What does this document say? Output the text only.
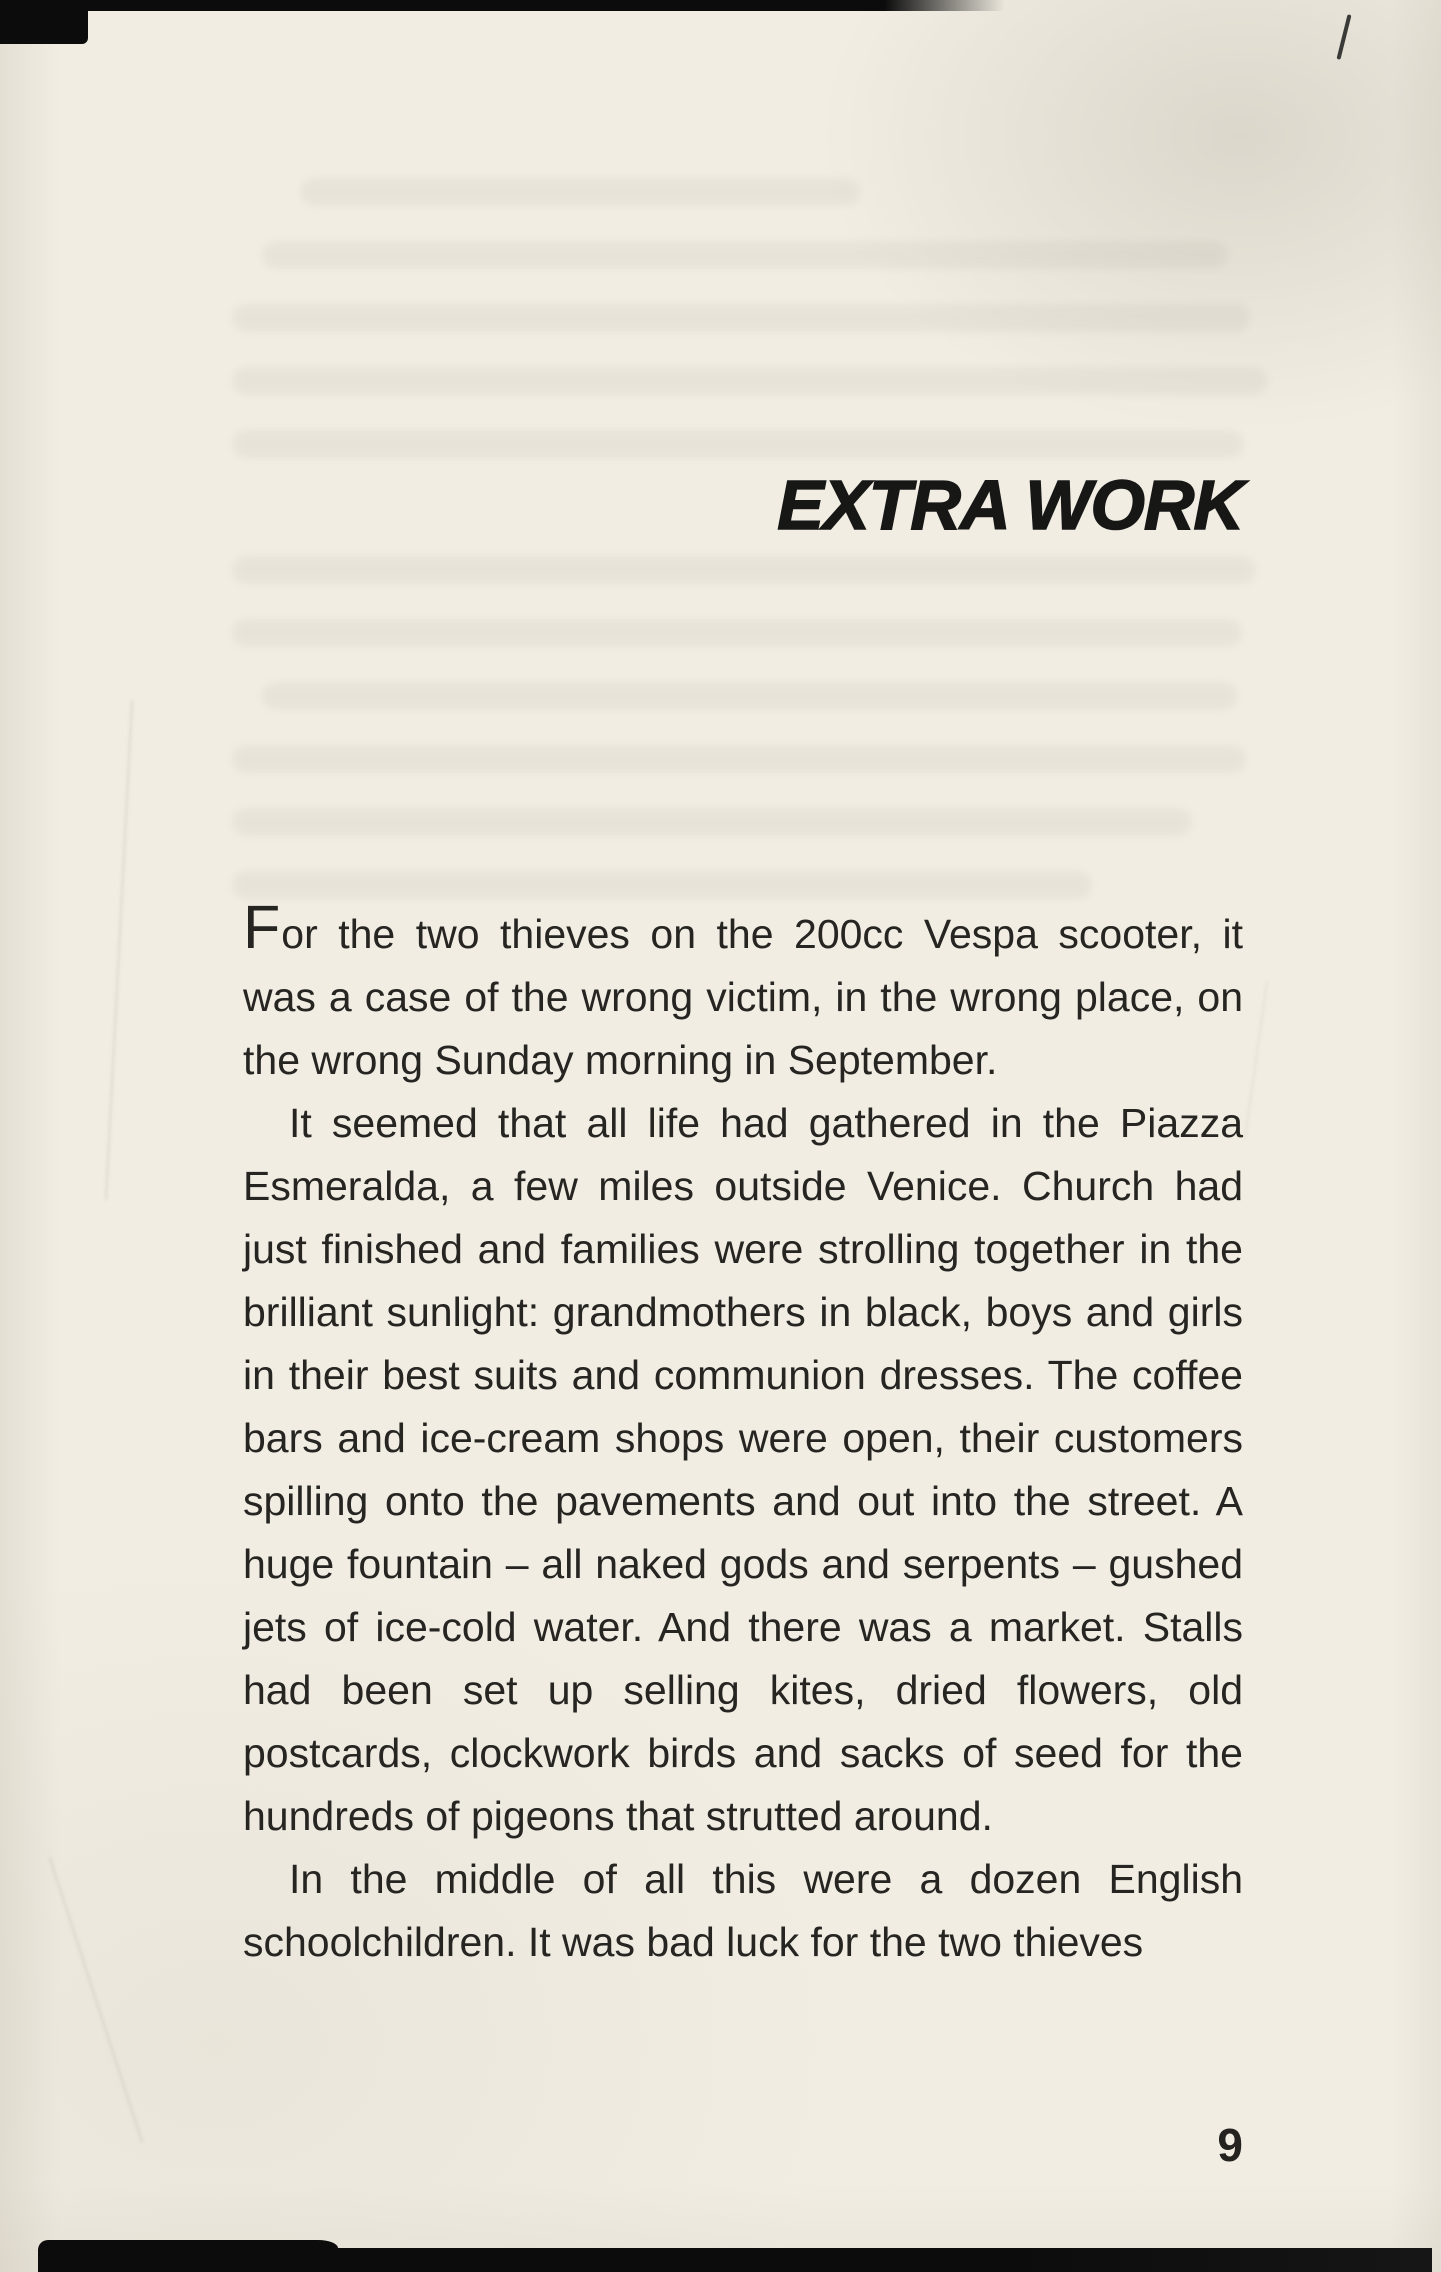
EXTRA WORK

For the two thieves on the 200cc Vespa scooter, it was a case of the wrong victim, in the wrong place, on the wrong Sunday morning in September.

It seemed that all life had gathered in the Piazza Esmeralda, a few miles outside Venice. Church had just finished and families were strolling together in the brilliant sunlight: grandmothers in black, boys and girls in their best suits and communion dresses. The coffee bars and ice-cream shops were open, their customers spilling onto the pavements and out into the street. A huge fountain – all naked gods and serpents – gushed jets of ice-cold water. And there was a market. Stalls had been set up selling kites, dried flowers, old postcards, clockwork birds and sacks of seed for the hundreds of pigeons that strutted around.

In the middle of all this were a dozen English schoolchildren. It was bad luck for the two thieves

9
